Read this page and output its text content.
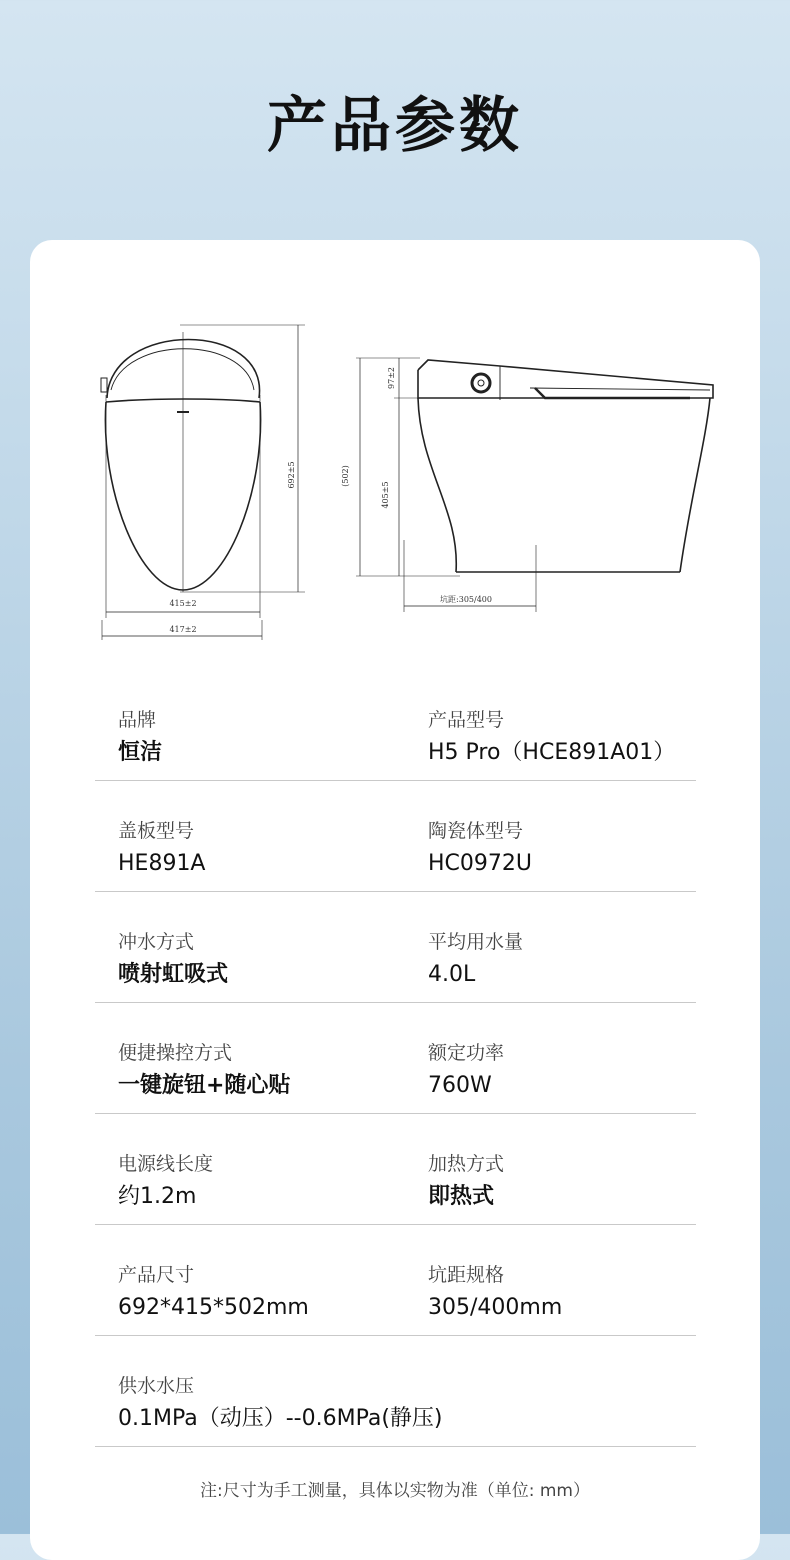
产品参数
692±5
415±2
417±2
(502)
97±2
405±5
坑距:305/400
品牌
恒洁
产品型号
H5 Pro（HCE891A01）
盖板型号
HE891A
陶瓷体型号
HC0972U
冲水方式
喷射虹吸式
平均用水量
4.0L
便捷操控方式
一键旋钮+随心贴
额定功率
760W
电源线长度
约1.2m
加热方式
即热式
产品尺寸
692*415*502mm
坑距规格
305/400mm
供水水压
0.1MPa（动压）--0.6MPa(静压)
注:尺寸为手工测量，具体以实物为准（单位: mm）
